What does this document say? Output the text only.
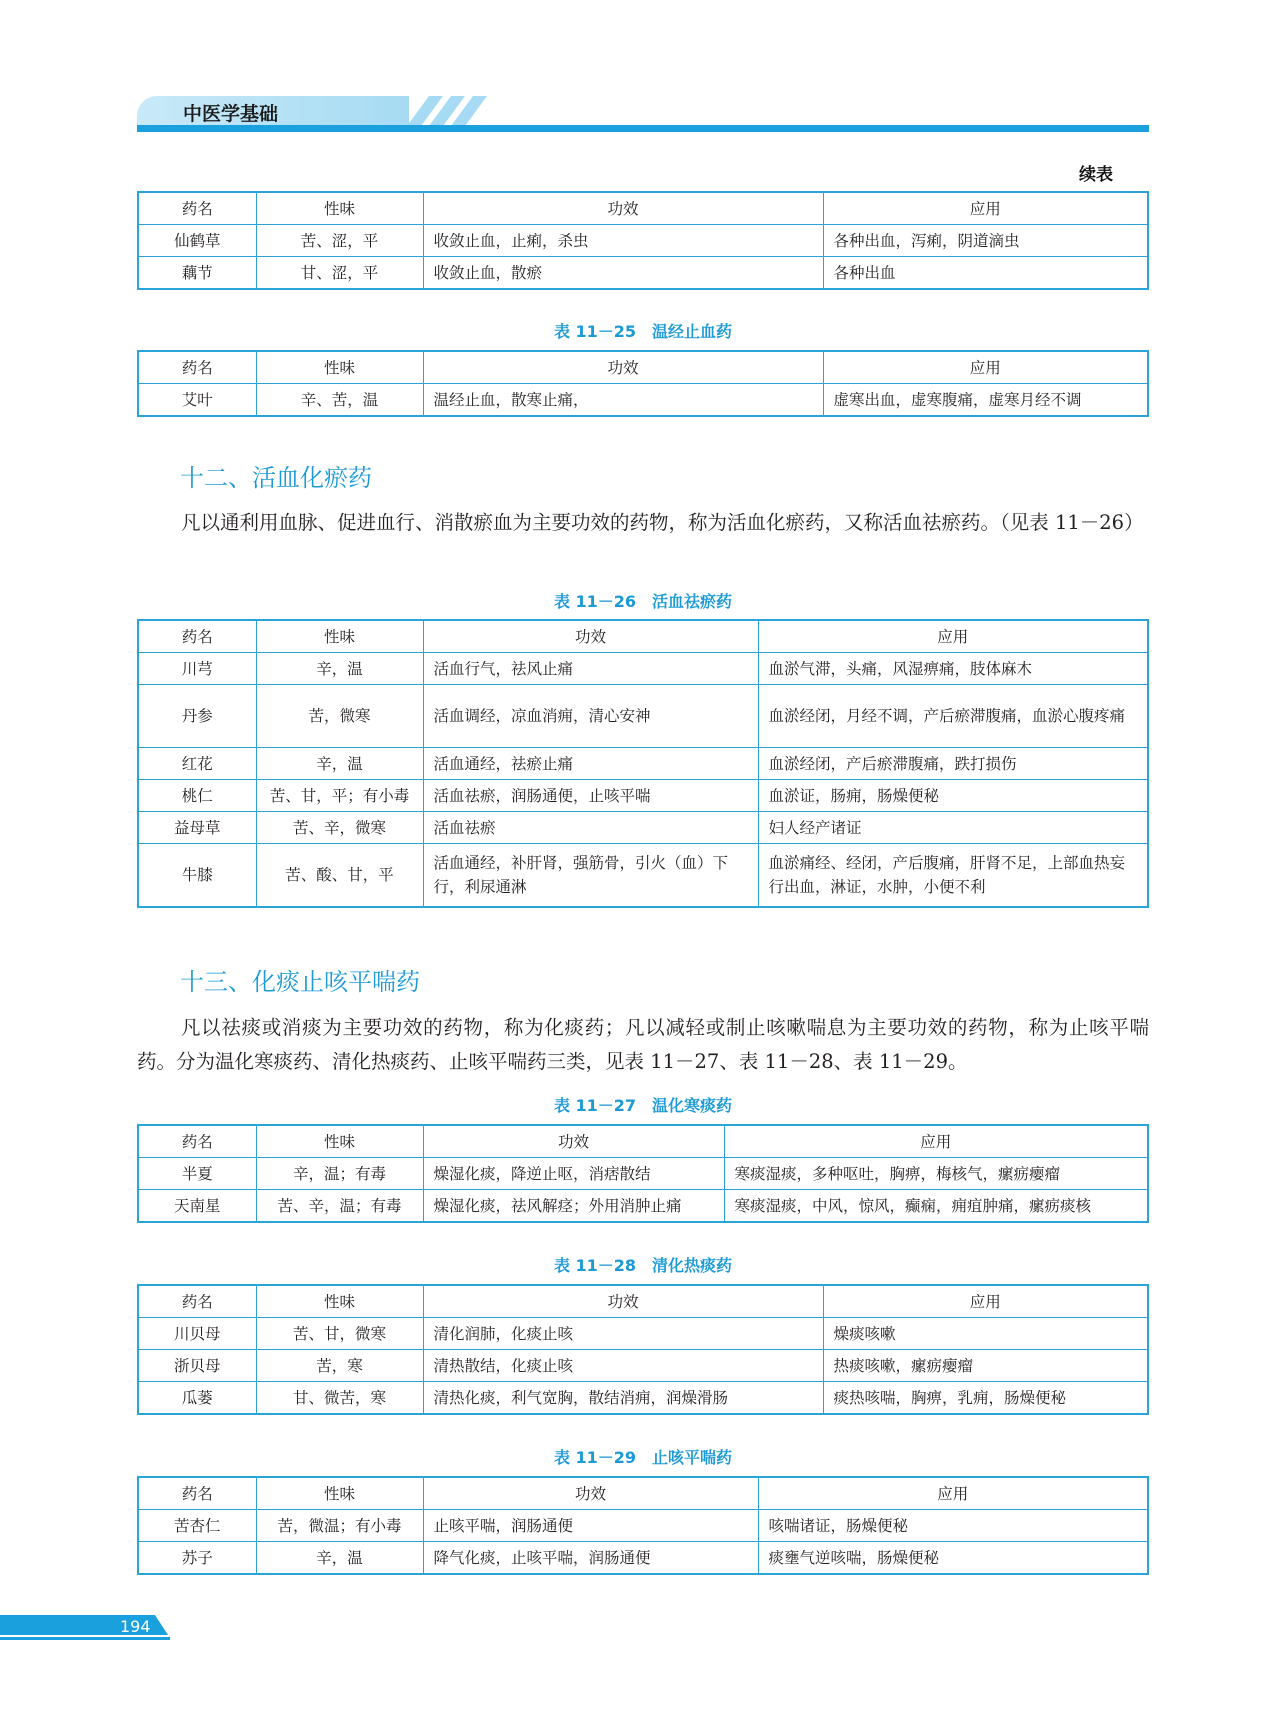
中医学基础
续表
药名	性味	功效	应用
仙鹤草	苦、涩，平	收敛止血，止痢，杀虫	各种出血，泻痢，阴道滴虫
藕节	甘、涩，平	收敛止血，散瘀	各种出血
表 11－25　温经止血药
药名	性味	功效	应用
艾叶	辛、苦，温	温经止血，散寒止痛，	虚寒出血，虚寒腹痛，虚寒月经不调
十二、活血化瘀药
凡以通利用血脉、促进血行、消散瘀血为主要功效的药物，称为活血化瘀药，又称活血祛瘀药。（见表 11－26）
表 11－26　活血祛瘀药
药名	性味	功效	应用
川芎	辛，温	活血行气，祛风止痛	血淤气滞，头痛，风湿痹痛，肢体麻木
丹参	苦，微寒	活血调经，凉血消痈，清心安神	血淤经闭，月经不调，产后瘀滞腹痛，血淤心腹疼痛
红花	辛，温	活血通经，祛瘀止痛	血淤经闭，产后瘀滞腹痛，跌打损伤
桃仁	苦、甘，平；有小毒	活血祛瘀，润肠通便，止咳平喘	血淤证，肠痈，肠燥便秘
益母草	苦、辛，微寒	活血祛瘀	妇人经产诸证
牛膝	苦、酸、甘，平	活血通经，补肝肾，强筋骨，引火（血）下行，利尿通淋	血淤痛经、经闭，产后腹痛，肝肾不足，上部血热妄行出血，淋证，水肿，小便不利
十三、化痰止咳平喘药
凡以祛痰或消痰为主要功效的药物，称为化痰药；凡以减轻或制止咳嗽喘息为主要功效的药物，称为止咳平喘药。分为温化寒痰药、清化热痰药、止咳平喘药三类，见表 11－27、表 11－28、表 11－29。
表 11－27　温化寒痰药
药名	性味	功效	应用
半夏	辛，温；有毒	燥湿化痰，降逆止呕，消痞散结	寒痰湿痰，多种呕吐，胸痹，梅核气，瘰疬瘿瘤
天南星	苦、辛，温；有毒	燥湿化痰，祛风解痉；外用消肿止痛	寒痰湿痰，中风，惊风，癫痫，痈疽肿痛，瘰疬痰核
表 11－28　清化热痰药
药名	性味	功效	应用
川贝母	苦、甘，微寒	清化润肺，化痰止咳	燥痰咳嗽
浙贝母	苦，寒	清热散结，化痰止咳	热痰咳嗽，瘰疬瘿瘤
瓜蒌	甘、微苦，寒	清热化痰，利气宽胸，散结消痈，润燥滑肠	痰热咳喘，胸痹，乳痈，肠燥便秘
表 11－29　止咳平喘药
药名	性味	功效	应用
苦杏仁	苦，微温；有小毒	止咳平喘，润肠通便	咳喘诸证，肠燥便秘
苏子	辛，温	降气化痰，止咳平喘，润肠通便	痰壅气逆咳喘，肠燥便秘
194
